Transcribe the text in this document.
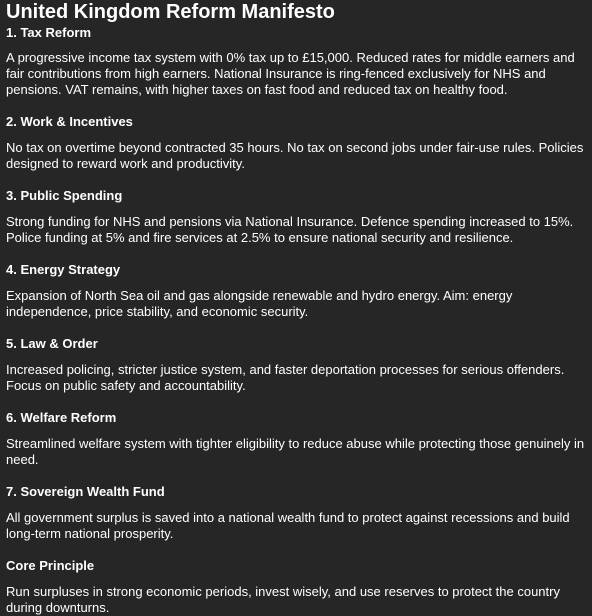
United Kingdom Reform Manifesto
1. Tax Reform

A progressive income tax system with 0% tax up to £15,000. Reduced rates for middle earners and fair contributions from high earners. National Insurance is ring-fenced exclusively for NHS and pensions. VAT remains, with higher taxes on fast food and reduced tax on healthy food.

2. Work & Incentives

No tax on overtime beyond contracted 35 hours. No tax on second jobs under fair-use rules. Policies designed to reward work and productivity.

3. Public Spending

Strong funding for NHS and pensions via National Insurance. Defence spending increased to 15%. Police funding at 5% and fire services at 2.5% to ensure national security and resilience.

4. Energy Strategy

Expansion of North Sea oil and gas alongside renewable and hydro energy. Aim: energy independence, price stability, and economic security.

5. Law & Order

Increased policing, stricter justice system, and faster deportation processes for serious offenders. Focus on public safety and accountability.

6. Welfare Reform

Streamlined welfare system with tighter eligibility to reduce abuse while protecting those genuinely in need.

7. Sovereign Wealth Fund

All government surplus is saved into a national wealth fund to protect against recessions and build long-term national prosperity.

Core Principle

Run surpluses in strong economic periods, invest wisely, and use reserves to protect the country during downturns.
